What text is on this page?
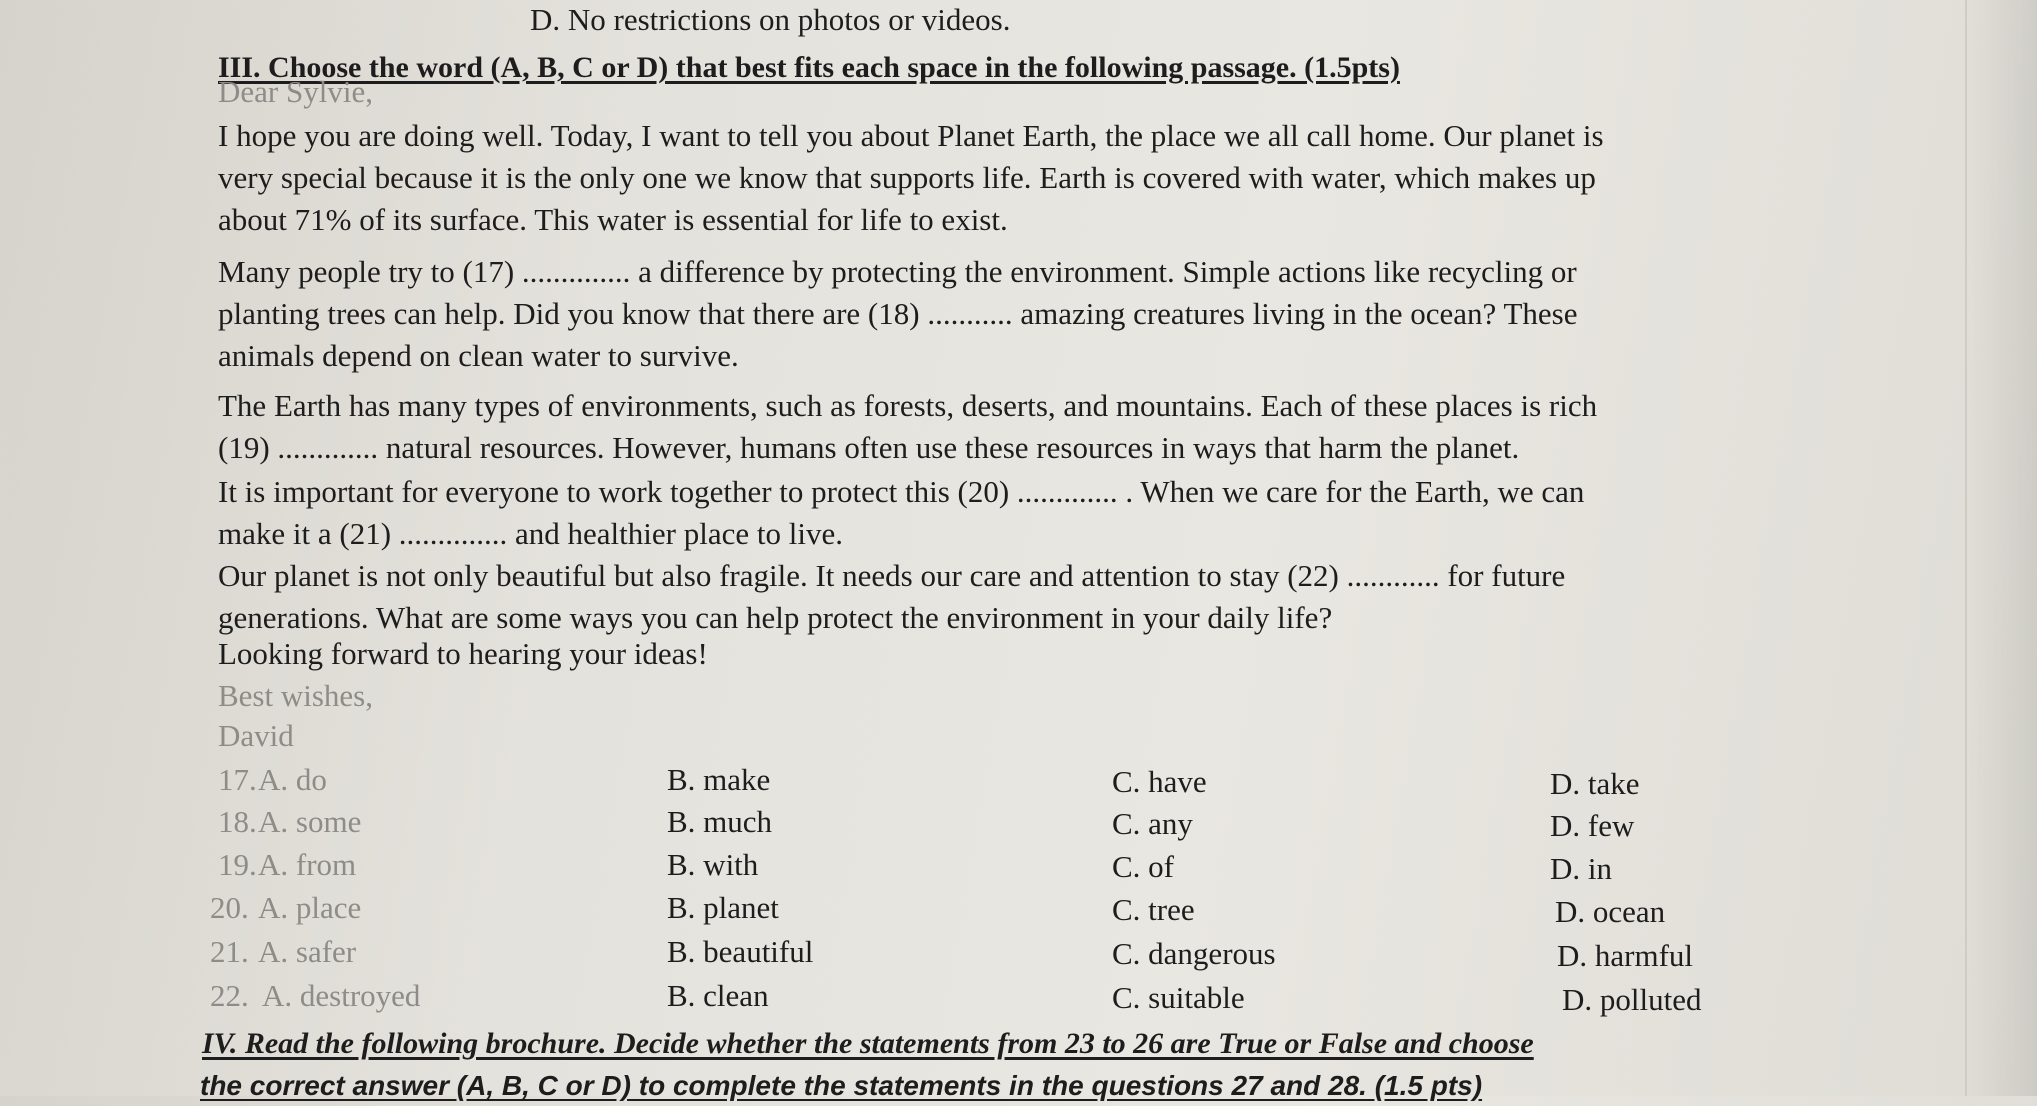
D. No restrictions on photos or videos.
III. Choose the word (A, B, C or D) that best fits each space in the following passage. (1.5pts)
Dear Sylvie,
I hope you are doing well. Today, I want to tell you about Planet Earth, the place we all call home. Our planet is
very special because it is the only one we know that supports life. Earth is covered with water, which makes up
about 71% of its surface. This water is essential for life to exist.
Many people try to (17) .............. a difference by protecting the environment. Simple actions like recycling or
planting trees can help. Did you know that there are (18) ........... amazing creatures living in the ocean? These
animals depend on clean water to survive.
The Earth has many types of environments, such as forests, deserts, and mountains. Each of these places is rich
(19) ............. natural resources. However, humans often use these resources in ways that harm the planet.
It is important for everyone to work together to protect this (20) ............. . When we care for the Earth, we can
make it a (21) .............. and healthier place to live.
Our planet is not only beautiful but also fragile. It needs our care and attention to stay (22) ............ for future
generations. What are some ways you can help protect the environment in your daily life?
Looking forward to hearing your ideas!
Best wishes,
David
17. A. do	B. make	C. have	D. take
18. A. some	B. much	C. any	D. few
19. A. from	B. with	C. of	D. in
20. A. place	B. planet	C. tree	D. ocean
21. A. safer	B. beautiful	C. dangerous	D. harmful
22. A. destroyed	B. clean	C. suitable	D. polluted
IV. Read the following brochure. Decide whether the statements from 23 to 26 are True or False and choose
the correct answer (A, B, C or D) to complete the statements in the questions 27 and 28. (1.5 pts)
